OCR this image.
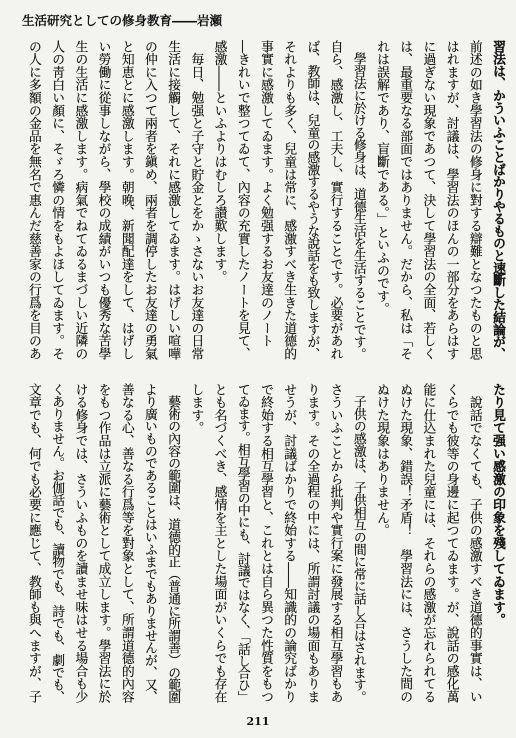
生活研究としての修身教育――岩瀬
習法は、かういふことばかりやるものと速斷した結論が、
前述の如き學習法の修身に對する辯難となつたものと思
はれますが、討議は、學習法のほんの一部分をあらはす
に過ぎない現象であつて、決して學習法の全面、若しく
は、最重要なる部面ではありません。だから、私は「そ
れは誤解であり、盲斷である。」といふのです。
　學習法に於ける修身は、道德生活を生活することです。
自ら、感激し、工夫し、實行することです。必要があれ
ば、教師は、兒童の感激するやうな說話をも致しますが、
それよりも多く、兒童は常に、感激すべき生きた道德的
事實に感激してゐます。よく勉强するお友達のノート
―きれいで整つてゐて、內容の充實したノートを見て、
感激――といふよりはむしろ讃歎します。
　毎日、勉强と子守と貯金とをかゝさないお友達の日常
生活に接觸して、それに感激してゐます。はげしい喧嘩
の仲に入つて兩者を鎭め、兩者を調停したお友達の勇氣
と知恵とに感激します。朝晚、新聞配達をして、はげし
い勞働に從事しながら、學校の成績がいつも優秀な苦學
生の生活に感激します。病氣でねてゐるまづしい近隣の
人の靑白い顏に、そゞろ憐の情をもよほしてゐます。そ
の人に多額の金品を無名で惠んだ慈善家の行爲を目のあ
たり見て强い感激の印象を殘してゐます。
　說話でなくても、子供の感激すべき道德的事實は、い
くらでも彼等の身邊に起つてゐます。が、說話の感化萬
能に仕込まれた兒童には、それらの感激が忘れられてる
ぬけた現象、錯誤！矛盾！　學習法には、さうした間の
ぬけた現象はありません。
　子供の感激は、子供相互の間に常に話し合はされます。
さういふことから批判や實行案に發展する相互學習もあ
ります。その全過程の中には、所謂討議の場面もありま
せうが、討議ばかりで終始する――知識的の論究ばかり
で終始する相互學習と、これとは自ら異つた性質をもつ
てゐます。相互學習の中にも、討議ではなく、「話し合ひ」
とも名づくべき、感情を主とした場面がいくらでも存在
します。
　藝術の內容の範圍は、道德的正（普通に所謂善）の範圍
より廣いものであることはいふまでもありませんが、又、
善なる心、善なる行爲等を對象として、所謂道德的內容
をもつ作品は立派に藝術として成立します。學習法に於
ける修身では、さういふものを讀ませ味はせる場合も少
くありません。お伽話でも、讀物でも、詩でも、劇でも、
文章でも、何でも必要に應じて、教師も與へますが、子
211
